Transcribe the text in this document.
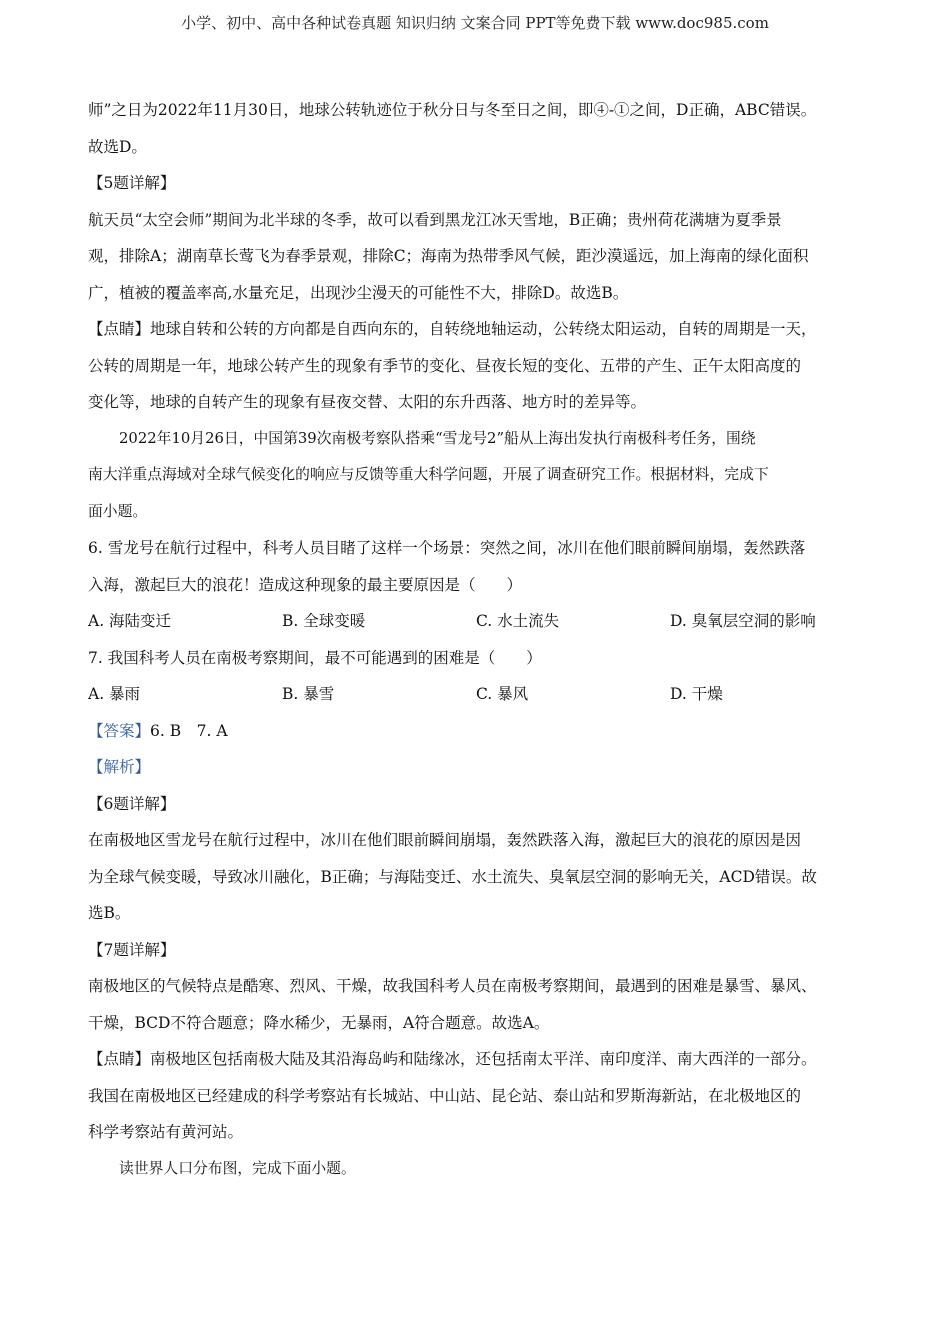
小学、初中、高中各种试卷真题 知识归纳 文案合同 PPT等免费下载 www.doc985.com
师”之日为2022年11月30日，地球公转轨迹位于秋分日与冬至日之间，即④-①之间，D正确，ABC错误。
故选D。
【5题详解】
航天员“太空会师”期间为北半球的冬季，故可以看到黑龙江冰天雪地，B正确；贵州荷花满塘为夏季景
观，排除A；湖南草长莺飞为春季景观，排除C；海南为热带季风气候，距沙漠遥远，加上海南的绿化面积
广，植被的覆盖率高,水量充足，出现沙尘漫天的可能性不大，排除D。故选B。
【点睛】地球自转和公转的方向都是自西向东的，自转绕地轴运动，公转绕太阳运动，自转的周期是一天，
公转的周期是一年，地球公转产生的现象有季节的变化、昼夜长短的变化、五带的产生、正午太阳高度的
变化等，地球的自转产生的现象有昼夜交替、太阳的东升西落、地方时的差异等。
2022年10月26日，中国第39次南极考察队搭乘“雪龙号2”船从上海出发执行南极科考任务，围绕
南大洋重点海域对全球气候变化的响应与反馈等重大科学问题，开展了调查研究工作。根据材料，完成下
面小题。
6. 雪龙号在航行过程中，科考人员目睹了这样一个场景：突然之间，冰川在他们眼前瞬间崩塌，轰然跌落
入海，激起巨大的浪花！造成这种现象的最主要原因是（　　）
A. 海陆变迁	B. 全球变暖	C. 水土流失	D. 臭氧层空洞的影响
7. 我国科考人员在南极考察期间，最不可能遇到的困难是（　　）
A. 暴雨	B. 暴雪	C. 暴风	D. 干燥
【答案】6. B　7. A
【解析】
【6题详解】
在南极地区雪龙号在航行过程中，冰川在他们眼前瞬间崩塌，轰然跌落入海，激起巨大的浪花的原因是因
为全球气候变暖，导致冰川融化，B正确；与海陆变迁、水土流失、臭氧层空洞的影响无关，ACD错误。故
选B。
【7题详解】
南极地区的气候特点是酷寒、烈风、干燥，故我国科考人员在南极考察期间，最遇到的困难是暴雪、暴风、
干燥，BCD不符合题意；降水稀少，无暴雨，A符合题意。故选A。
【点睛】南极地区包括南极大陆及其沿海岛屿和陆缘冰，还包括南太平洋、南印度洋、南大西洋的一部分。
我国在南极地区已经建成的科学考察站有长城站、中山站、昆仑站、泰山站和罗斯海新站，在北极地区的
科学考察站有黄河站。
读世界人口分布图，完成下面小题。
